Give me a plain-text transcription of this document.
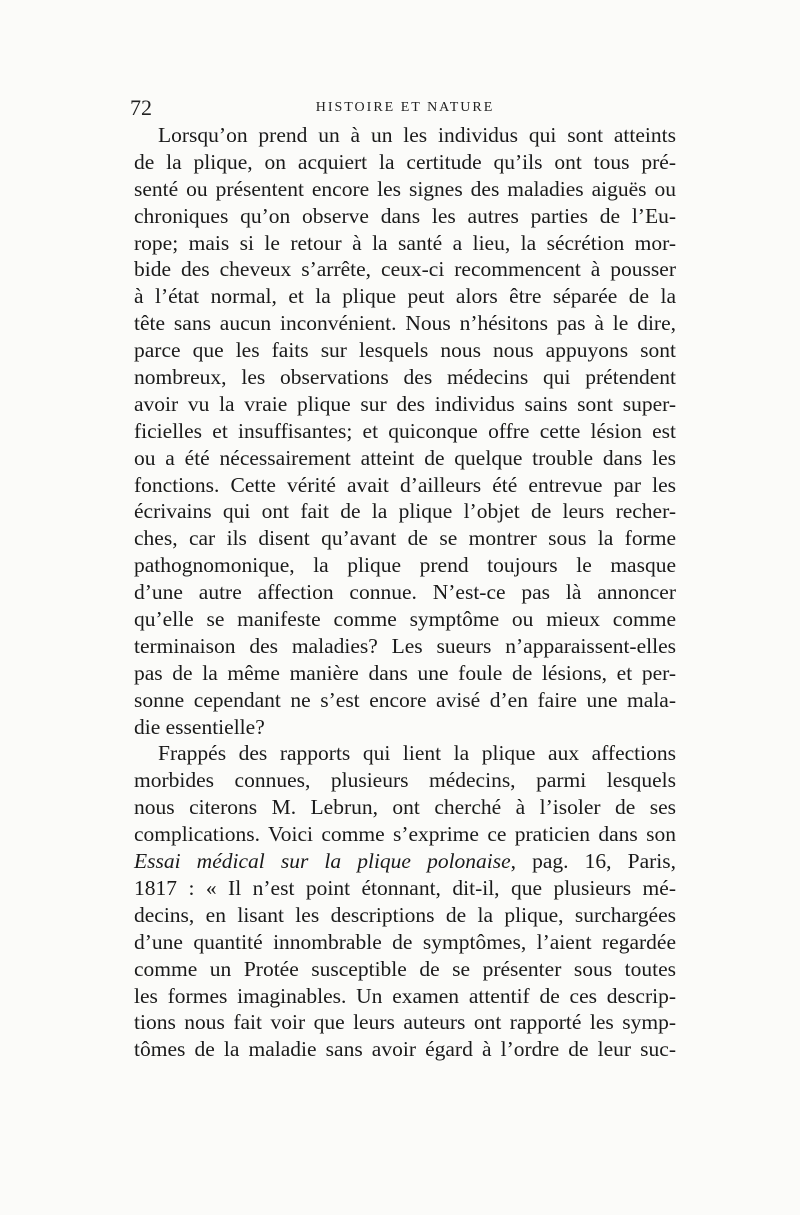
72	HISTOIRE ET NATURE
Lorsqu’on prend un à un les individus qui sont atteints
de la plique, on acquiert la certitude qu’ils ont tous pré-
senté ou présentent encore les signes des maladies aiguës ou
chroniques qu’on observe dans les autres parties de l’Eu-
rope; mais si le retour à la santé a lieu, la sécrétion mor-
bide des cheveux s’arrête, ceux-ci recommencent à pousser
à l’état normal, et la plique peut alors être séparée de la
tête sans aucun inconvénient. Nous n’hésitons pas à le dire,
parce que les faits sur lesquels nous nous appuyons sont
nombreux, les observations des médecins qui prétendent
avoir vu la vraie plique sur des individus sains sont super-
ficielles et insuffisantes; et quiconque offre cette lésion est
ou a été nécessairement atteint de quelque trouble dans les
fonctions. Cette vérité avait d’ailleurs été entrevue par les
écrivains qui ont fait de la plique l’objet de leurs recher-
ches, car ils disent qu’avant de se montrer sous la forme
pathognomonique, la plique prend toujours le masque
d’une autre affection connue. N’est-ce pas là annoncer
qu’elle se manifeste comme symptôme ou mieux comme
terminaison des maladies? Les sueurs n’apparaissent-elles
pas de la même manière dans une foule de lésions, et per-
sonne cependant ne s’est encore avisé d’en faire une mala-
die essentielle?
Frappés des rapports qui lient la plique aux affections
morbides connues, plusieurs médecins, parmi lesquels
nous citerons M. Lebrun, ont cherché à l’isoler de ses
complications. Voici comme s’exprime ce praticien dans son
Essai médical sur la plique polonaise, pag. 16, Paris,
1817 : « Il n’est point étonnant, dit-il, que plusieurs mé-
decins, en lisant les descriptions de la plique, surchargées
d’une quantité innombrable de symptômes, l’aient regardée
comme un Protée susceptible de se présenter sous toutes
les formes imaginables. Un examen attentif de ces descrip-
tions nous fait voir que leurs auteurs ont rapporté les symp-
tômes de la maladie sans avoir égard à l’ordre de leur suc-
